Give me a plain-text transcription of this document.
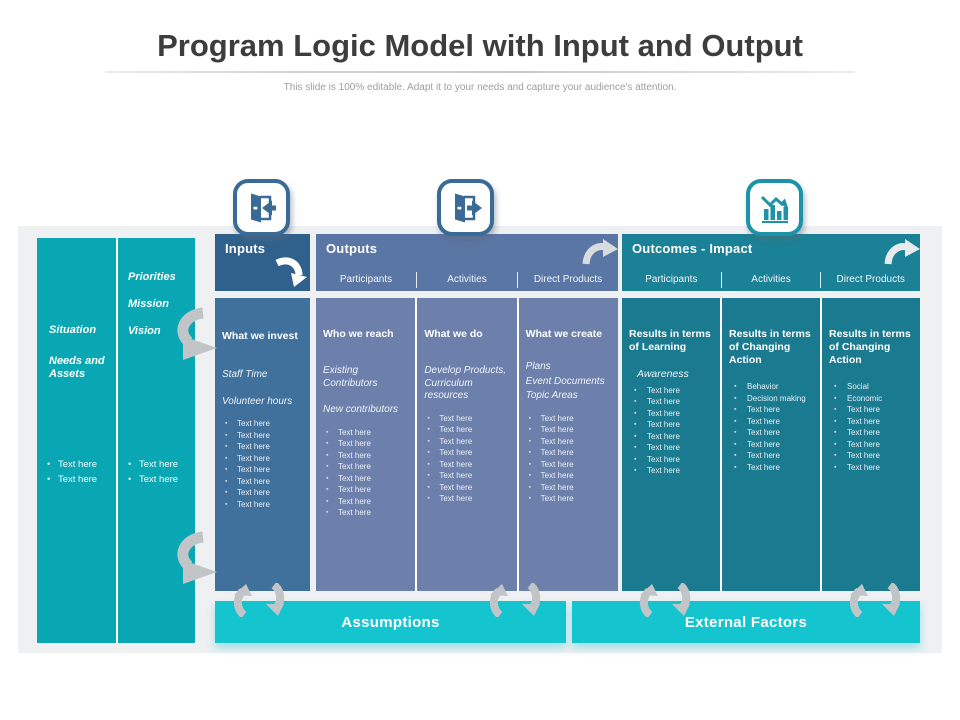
Program Logic Model with Input and Output

This slide is 100% editable. Adapt it to your needs and capture your audience's attention.

Situation

Needs and Assets

• Text here
• Text here

Priorities

Mission

Vision

• Text here
• Text here
Inputs	Outputs
Participants	Activities	Direct Products
Outcomes - Impact
Participants	Activities	Direct Products
What we invest

Staff Time

Volunteer hours

▪ Text here
▪ Text here
▪ Text here
▪ Text here
▪ Text here
▪ Text here
▪ Text here
▪ Text here
Who we reach

Existing Contributors

New contributors

▪ Text here
▪ Text here
▪ Text here
▪ Text here
▪ Text here
▪ Text here
▪ Text here
▪ Text here
What we do

Develop Products, Curriculum resources

▪ Text here
▪ Text here
▪ Text here
▪ Text here
▪ Text here
▪ Text here
▪ Text here
▪ Text here
What we create

Plans

Event Documents

Topic Areas

▪ Text here
▪ Text here
▪ Text here
▪ Text here
▪ Text here
▪ Text here
▪ Text here
▪ Text here
Results in terms of Learning

Awareness

▪ Text here
▪ Text here
▪ Text here
▪ Text here
▪ Text here
▪ Text here
▪ Text here
▪ Text here
Results in terms of Changing Action
▪ Behavior
▪ Decision making
▪ Text here
▪ Text here
▪ Text here
▪ Text here
▪ Text here
▪ Text here
Results in terms of Changing Action
▪ Social
▪ Economic
▪ Text here
▪ Text here
▪ Text here
▪ Text here
▪ Text here
▪ Text here
Assumptions	External Factors
